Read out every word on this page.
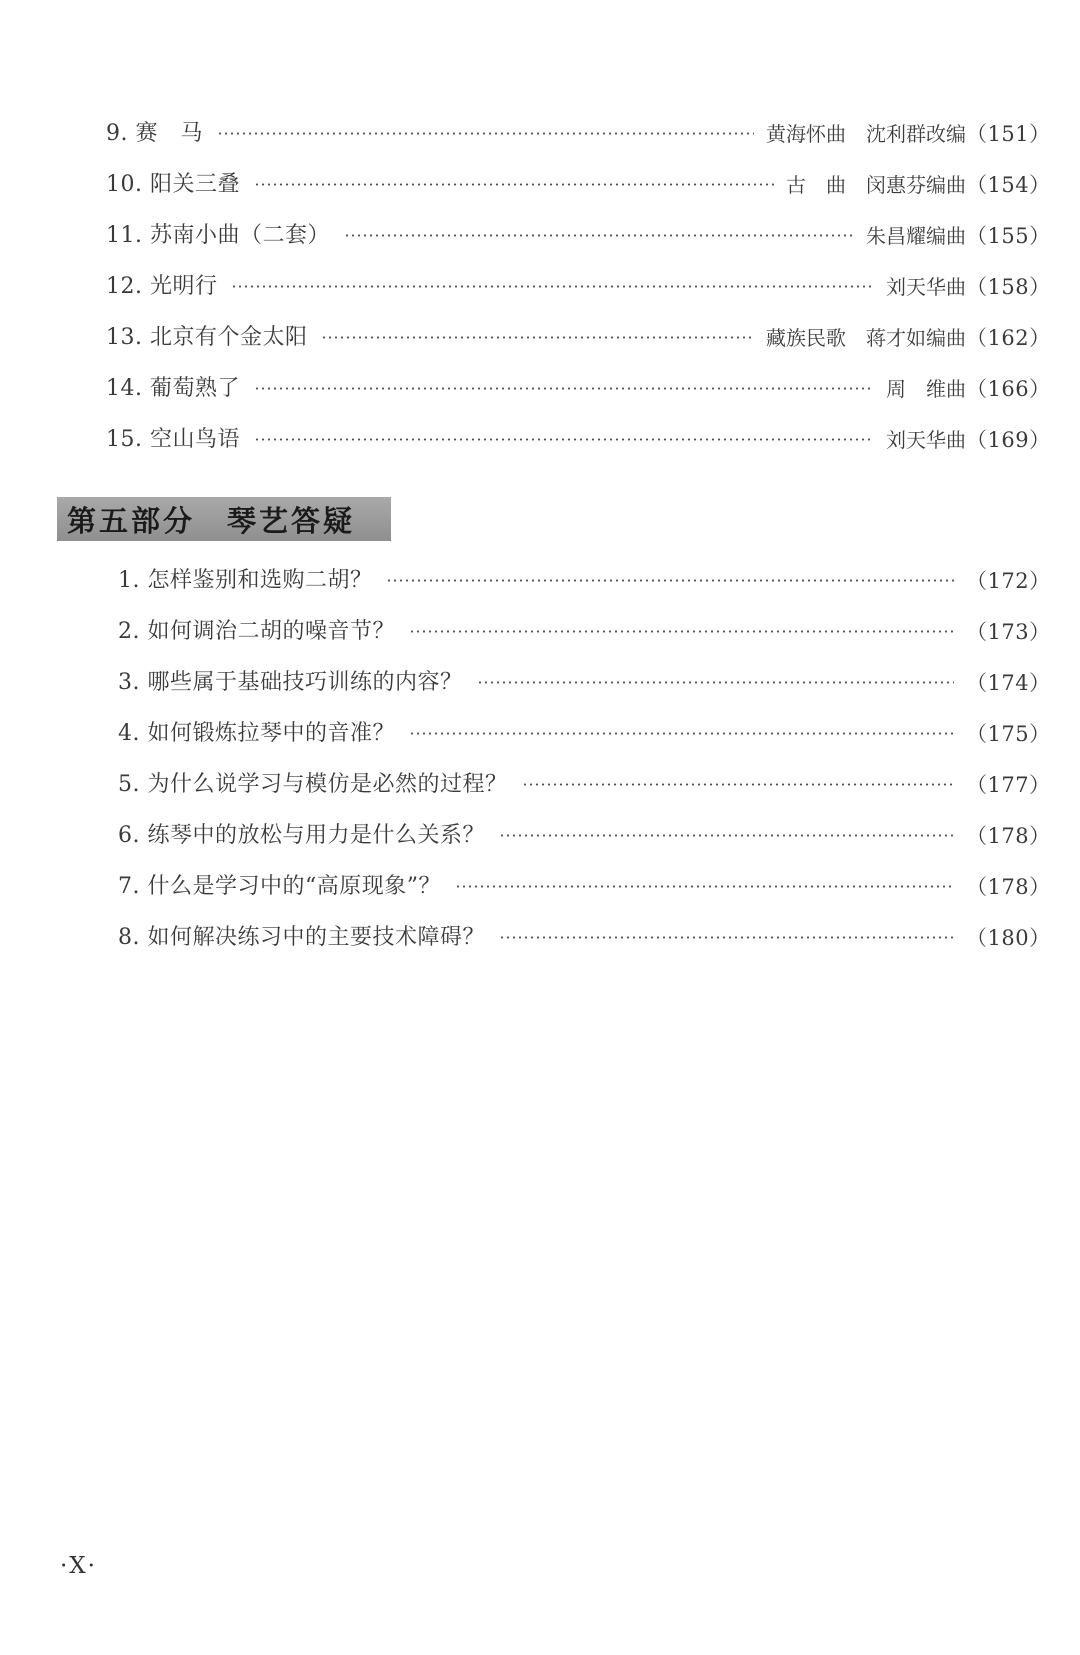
9. 赛　马	黄海怀曲　沈利群改编 （151）
10. 阳关三叠	古　曲　闵惠芬编曲 （154）
11. 苏南小曲（二套）	朱昌耀编曲 （155）
12. 光明行	刘天华曲 （158）
13. 北京有个金太阳	藏族民歌　蒋才如编曲 （162）
14. 葡萄熟了	周　维曲 （166）
15. 空山鸟语	刘天华曲 （169）
第五部分　琴艺答疑
1. 怎样鉴别和选购二胡？	（172）
2. 如何调治二胡的噪音节？	（173）
3. 哪些属于基础技巧训练的内容？	（174）
4. 如何锻炼拉琴中的音准？	（175）
5. 为什么说学习与模仿是必然的过程？	（177）
6. 练琴中的放松与用力是什么关系？	（178）
7. 什么是学习中的“高原现象”？	（178）
8. 如何解决练习中的主要技术障碍？	（180）
·X·
